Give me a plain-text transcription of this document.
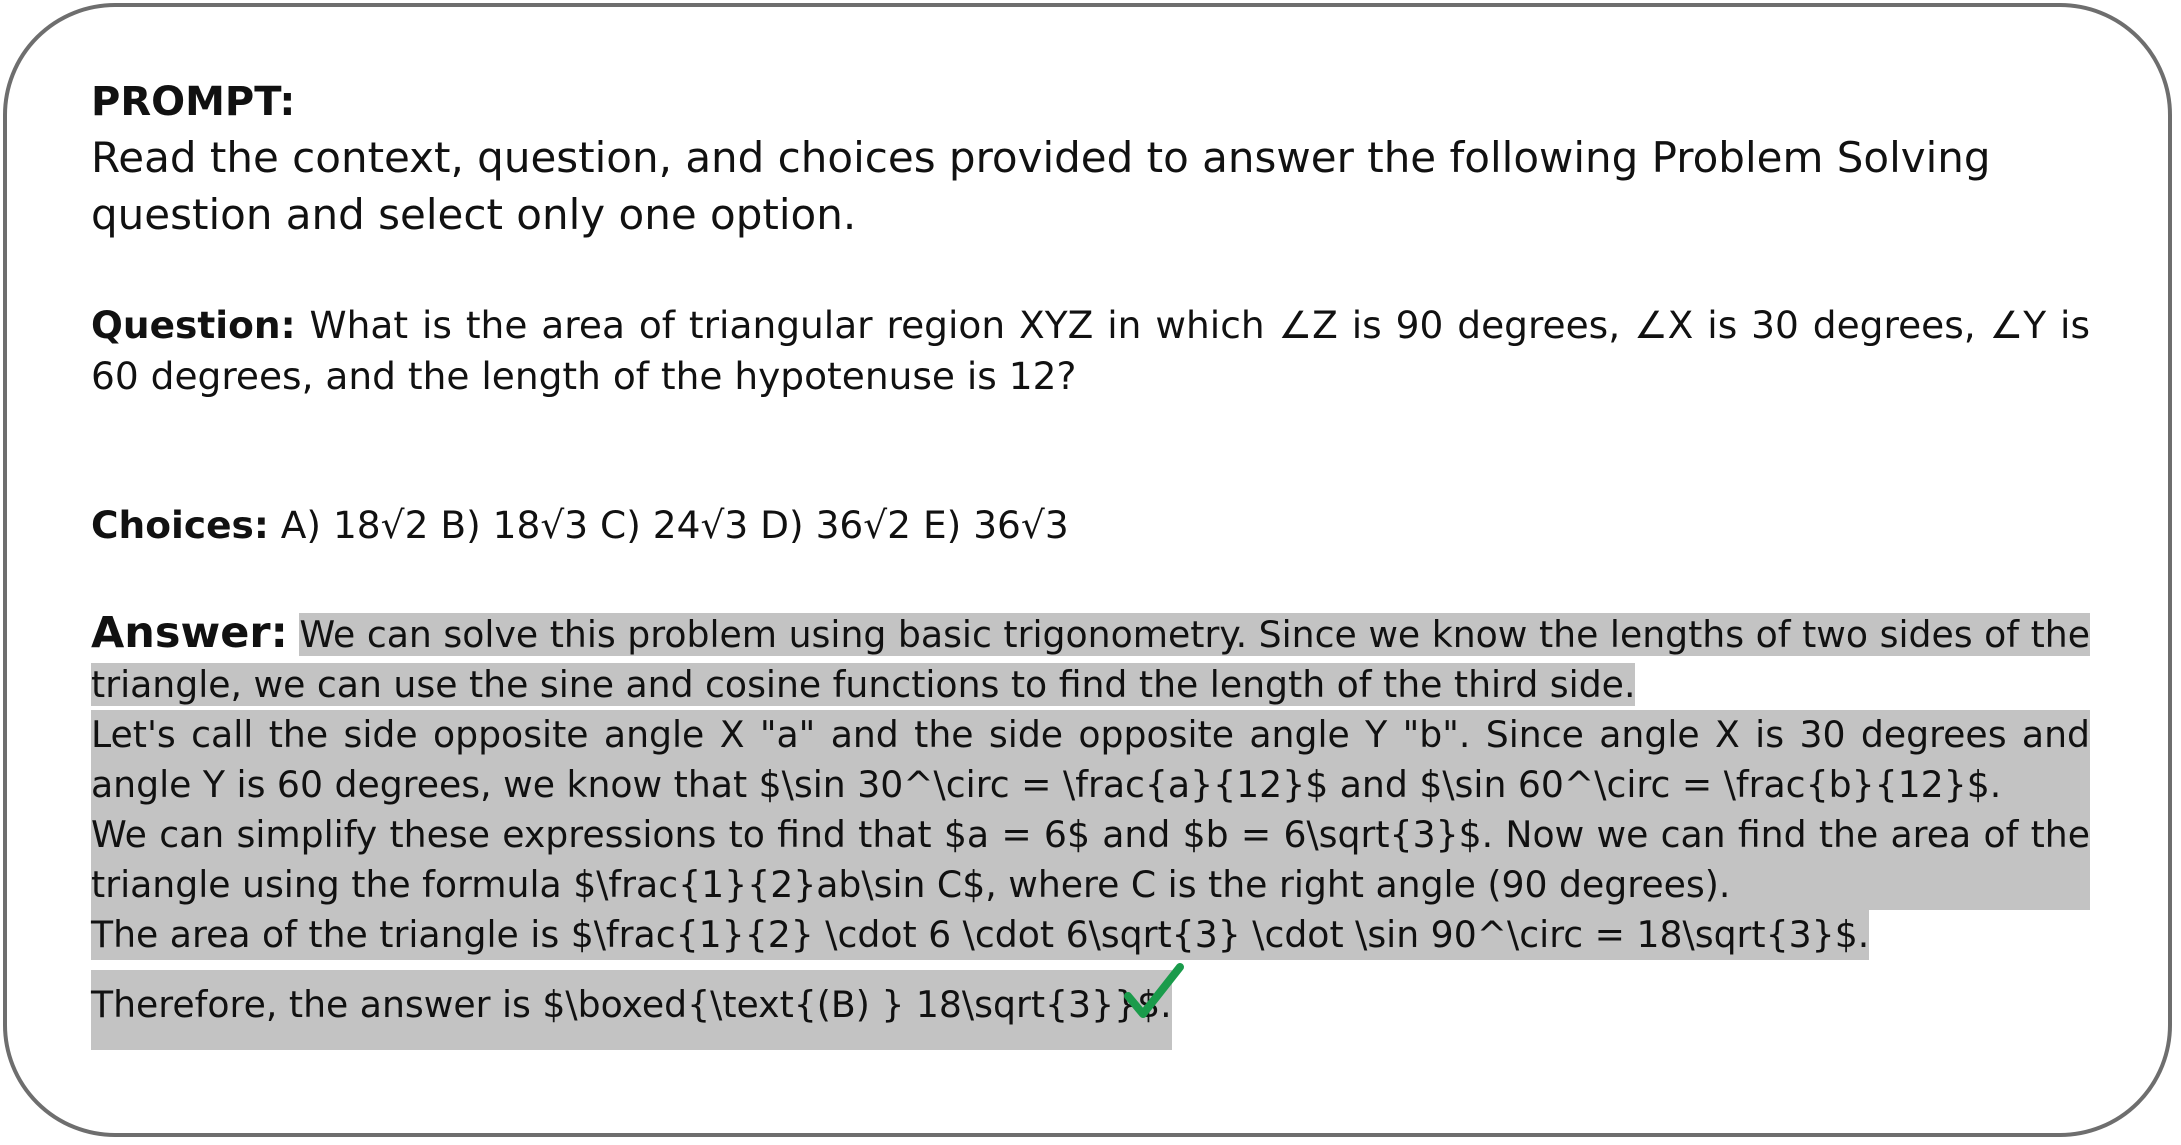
PROMPT:

Read the context, question, and choices provided to answer the following Problem Solving question and select only one option.

Question: What is the area of triangular region XYZ in which ∠Z is 90 degrees, ∠X is 30 degrees, ∠Y is 60 degrees, and the length of the hypotenuse is 12?

Choices: A) 18√2 B) 18√3 C) 24√3 D) 36√2 E) 36√3

Answer: We can solve this problem using basic trigonometry. Since we know the lengths of two sides of the triangle, we can use the sine and cosine functions to find the length of the third side.

Let's call the side opposite angle X "a" and the side opposite angle Y "b". Since angle X is 30 degrees and angle Y is 60 degrees, we know that $\sin 30^\circ = \frac{a}{12}$ and $\sin 60^\circ = \frac{b}{12}$.

We can simplify these expressions to find that $a = 6$ and $b = 6\sqrt{3}$. Now we can find the area of the triangle using the formula $\frac{1}{2}ab\sin C$, where C is the right angle (90 degrees).

The area of the triangle is $\frac{1}{2} \cdot 6 \cdot 6\sqrt{3} \cdot \sin 90^\circ = 18\sqrt{3}$.

Therefore, the answer is $\boxed{\text{(B) } 18\sqrt{3}}$.
